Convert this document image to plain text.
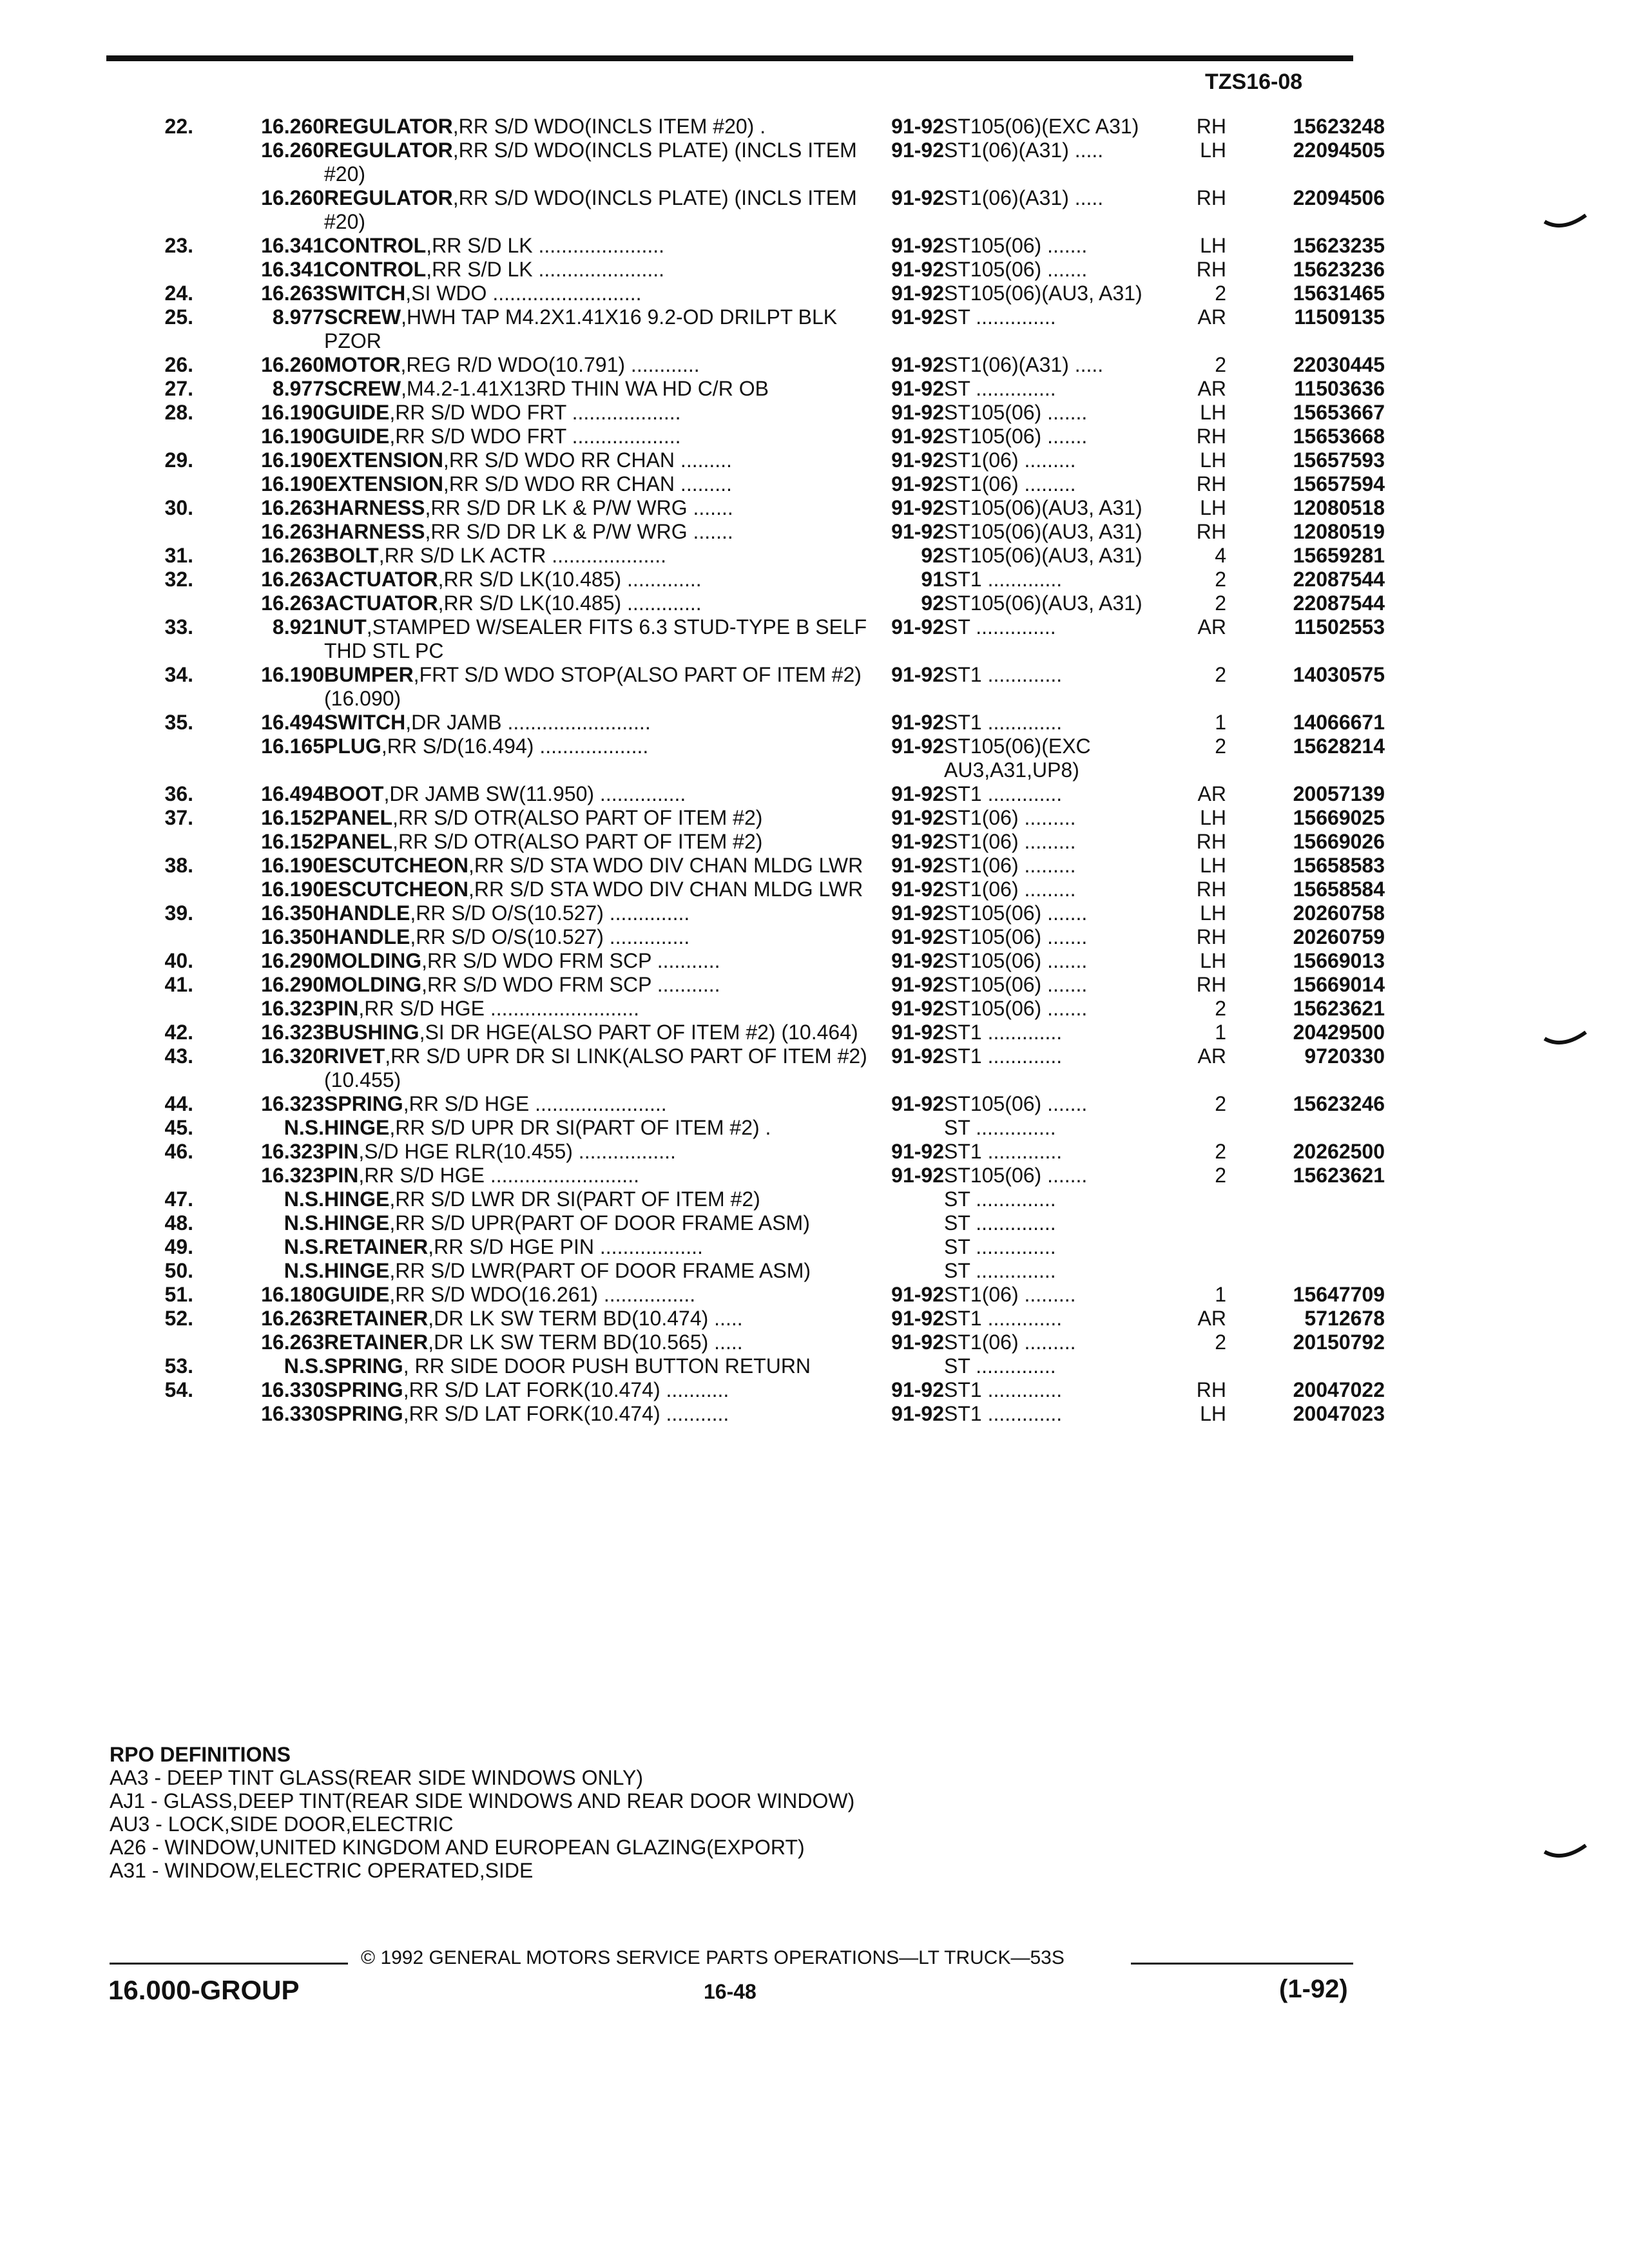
TZS16-08
22.	16.260	REGULATOR,RR S/D WDO(INCLS ITEM #20) .	91-92	ST105(06)(EXC A31)	RH	15623248
	16.260	REGULATOR,RR S/D WDO(INCLS PLATE) (INCLS ITEM #20)	91-92	ST1(06)(A31) .....	LH	22094505
	16.260	REGULATOR,RR S/D WDO(INCLS PLATE) (INCLS ITEM #20)	91-92	ST1(06)(A31) .....	RH	22094506
23.	16.341	CONTROL,RR S/D LK ......................	91-92	ST105(06) .......	LH	15623235
	16.341	CONTROL,RR S/D LK ......................	91-92	ST105(06) .......	RH	15623236
24.	16.263	SWITCH,SI WDO ..........................	91-92	ST105(06)(AU3, A31)	2	15631465
25.	8.977	SCREW,HWH TAP M4.2X1.41X16 9.2-OD DRILPT BLK PZOR	91-92	ST ..............	AR	11509135
26.	16.260	MOTOR,REG R/D WDO(10.791) ............	91-92	ST1(06)(A31) .....	2	22030445
27.	8.977	SCREW,M4.2-1.41X13RD THIN WA HD C/R OB	91-92	ST ..............	AR	11503636
28.	16.190	GUIDE,RR S/D WDO FRT ...................	91-92	ST105(06) .......	LH	15653667
	16.190	GUIDE,RR S/D WDO FRT ...................	91-92	ST105(06) .......	RH	15653668
29.	16.190	EXTENSION,RR S/D WDO RR CHAN .........	91-92	ST1(06) .........	LH	15657593
	16.190	EXTENSION,RR S/D WDO RR CHAN .........	91-92	ST1(06) .........	RH	15657594
30.	16.263	HARNESS,RR S/D DR LK & P/W WRG .......	91-92	ST105(06)(AU3, A31)	LH	12080518
	16.263	HARNESS,RR S/D DR LK & P/W WRG .......	91-92	ST105(06)(AU3, A31)	RH	12080519
31.	16.263	BOLT,RR S/D LK ACTR ....................	92	ST105(06)(AU3, A31)	4	15659281
32.	16.263	ACTUATOR,RR S/D LK(10.485) .............	91	ST1 .............	2	22087544
	16.263	ACTUATOR,RR S/D LK(10.485) .............	92	ST105(06)(AU3, A31)	2	22087544
33.	8.921	NUT,STAMPED W/SEALER FITS 6.3 STUD-TYPE B SELF THD STL PC	91-92	ST ..............	AR	11502553
34.	16.190	BUMPER,FRT S/D WDO STOP(ALSO PART OF ITEM #2)(16.090)	91-92	ST1 .............	2	14030575
35.	16.494	SWITCH,DR JAMB .........................	91-92	ST1 .............	1	14066671
	16.165	PLUG,RR S/D(16.494) ...................	91-92	ST105(06)(EXC AU3,A31,UP8)	2	15628214
36.	16.494	BOOT,DR JAMB SW(11.950) ...............	91-92	ST1 .............	AR	20057139
37.	16.152	PANEL,RR S/D OTR(ALSO PART OF ITEM #2)	91-92	ST1(06) .........	LH	15669025
	16.152	PANEL,RR S/D OTR(ALSO PART OF ITEM #2)	91-92	ST1(06) .........	RH	15669026
38.	16.190	ESCUTCHEON,RR S/D STA WDO DIV CHAN MLDG LWR	91-92	ST1(06) .........	LH	15658583
	16.190	ESCUTCHEON,RR S/D STA WDO DIV CHAN MLDG LWR	91-92	ST1(06) .........	RH	15658584
39.	16.350	HANDLE,RR S/D O/S(10.527) ..............	91-92	ST105(06) .......	LH	20260758
	16.350	HANDLE,RR S/D O/S(10.527) ..............	91-92	ST105(06) .......	RH	20260759
40.	16.290	MOLDING,RR S/D WDO FRM SCP ...........	91-92	ST105(06) .......	LH	15669013
41.	16.290	MOLDING,RR S/D WDO FRM SCP ...........	91-92	ST105(06) .......	RH	15669014
	16.323	PIN,RR S/D HGE ..........................	91-92	ST105(06) .......	2	15623621
42.	16.323	BUSHING,SI DR HGE(ALSO PART OF ITEM #2) (10.464)	91-92	ST1 .............	1	20429500
43.	16.320	RIVET,RR S/D UPR DR SI LINK(ALSO PART OF ITEM #2)(10.455)	91-92	ST1 .............	AR	9720330
44.	16.323	SPRING,RR S/D HGE .......................	91-92	ST105(06) .......	2	15623246
45.	N.S.	HINGE,RR S/D UPR DR SI(PART OF ITEM #2) .		ST ..............		
46.	16.323	PIN,S/D HGE RLR(10.455) .................	91-92	ST1 .............	2	20262500
	16.323	PIN,RR S/D HGE ..........................	91-92	ST105(06) .......	2	15623621
47.	N.S.	HINGE,RR S/D LWR DR SI(PART OF ITEM #2)		ST ..............		
48.	N.S.	HINGE,RR S/D UPR(PART OF DOOR FRAME ASM)		ST ..............		
49.	N.S.	RETAINER,RR S/D HGE PIN ..................		ST ..............		
50.	N.S.	HINGE,RR S/D LWR(PART OF DOOR FRAME ASM)		ST ..............		
51.	16.180	GUIDE,RR S/D WDO(16.261) ................	91-92	ST1(06) .........	1	15647709
52.	16.263	RETAINER,DR LK SW TERM BD(10.474) .....	91-92	ST1 .............	AR	5712678
	16.263	RETAINER,DR LK SW TERM BD(10.565) .....	91-92	ST1(06) .........	2	20150792
53.	N.S.	SPRING, RR SIDE DOOR PUSH BUTTON RETURN		ST ..............		
54.	16.330	SPRING,RR S/D LAT FORK(10.474) ...........	91-92	ST1 .............	RH	20047022
	16.330	SPRING,RR S/D LAT FORK(10.474) ...........	91-92	ST1 .............	LH	20047023
RPO DEFINITIONS
AA3 - DEEP TINT GLASS(REAR SIDE WINDOWS ONLY)
AJ1 - GLASS,DEEP TINT(REAR SIDE WINDOWS AND REAR DOOR WINDOW)
AU3 - LOCK,SIDE DOOR,ELECTRIC
A26 - WINDOW,UNITED KINGDOM AND EUROPEAN GLAZING(EXPORT)
A31 - WINDOW,ELECTRIC OPERATED,SIDE
© 1992 GENERAL MOTORS SERVICE PARTS OPERATIONS—LT TRUCK—53S
16.000-GROUP	16-48	(1-92)
